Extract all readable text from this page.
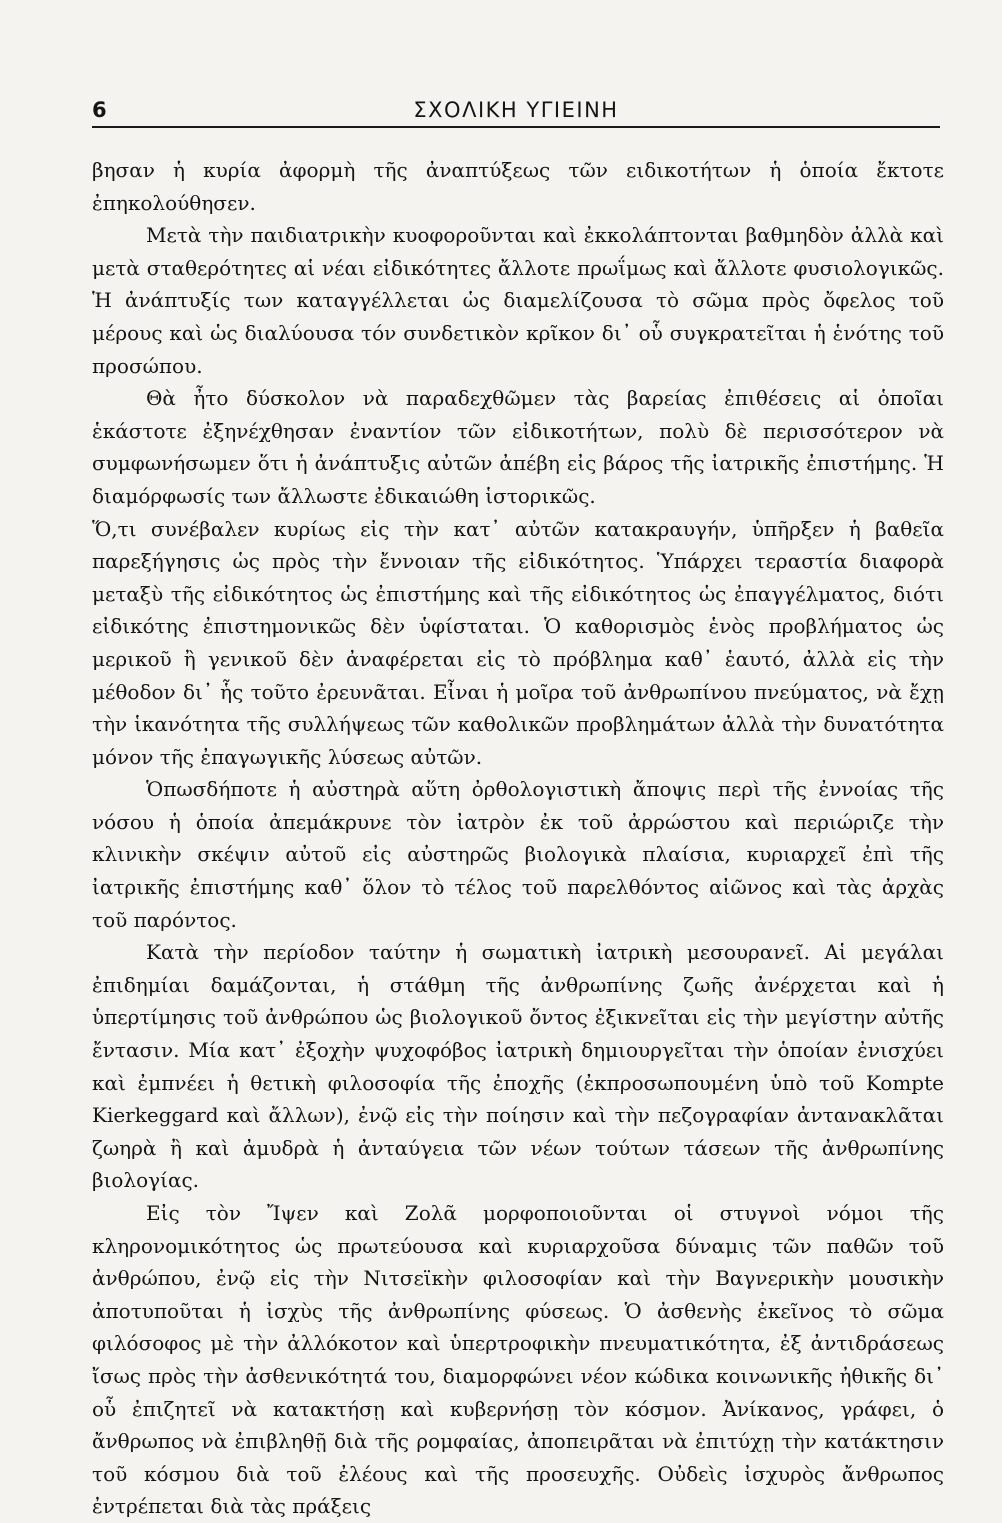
6	ΣΧΟΛΙΚΗ ΥΓΙΕΙΝΗ

βησαν ἡ κυρία ἀφορμὴ τῆς ἀναπτύξεως τῶν ειδικοτήτων ἡ ὁποία ἔκτοτε ἐπηκολούθησεν.

Μετὰ τὴν παιδιατρικὴν κυοφοροῦνται καὶ ἐκκολάπτονται βαθμηδὸν ἀλλὰ καὶ μετὰ σταθερότητες αἱ νέαι εἰδικότητες ἄλλοτε πρωΐμως καὶ ἄλλοτε φυσιολογικῶς. Ἡ ἀνάπτυξίς των καταγγέλλεται ὡς διαμελίζουσα τὸ σῶμα πρὸς ὄφελος τοῦ μέρους καὶ ὡς διαλύουσα τόν συνδετικὸν κρῖκον δι᾽ οὗ συγκρατεῖται ἡ ἑνότης τοῦ προσώπου.

Θὰ ἦτο δύσκολον νὰ παραδεχθῶμεν τὰς βαρείας ἐπιθέσεις αἱ ὁποῖαι ἑκάστοτε ἐξηνέχθησαν ἐναντίον τῶν εἰδικοτήτων, πολὺ δὲ περισσότερον νὰ συμφωνήσωμεν ὅτι ἡ ἀνάπτυξις αὐτῶν ἀπέβη εἰς βάρος τῆς ἰατρικῆς ἐπιστήμης. Ἡ διαμόρφωσίς των ἄλλωστε ἐδικαιώθη ἱστορικῶς.

Ὅ,τι συνέβαλεν κυρίως εἰς τὴν κατ᾽ αὐτῶν κατακραυγήν, ὑπῆρξεν ἡ βαθεῖα παρεξήγησις ὡς πρὸς τὴν ἔννοιαν τῆς εἰδικότητος. Ὑπάρχει τεραστία διαφορὰ μεταξὺ τῆς εἰδικότητος ὡς ἐπιστήμης καὶ τῆς εἰδικότητος ὡς ἐπαγγέλματος, διότι εἰδικότης ἐπιστημονικῶς δὲν ὑφίσταται. Ὁ καθορισμὸς ἑνὸς προβλήματος ὡς μερικοῦ ἢ γενικοῦ δὲν ἀναφέρεται εἰς τὸ πρόβλημα καθ᾽ ἑαυτό, ἀλλὰ εἰς τὴν μέθοδον δι᾽ ἧς τοῦτο ἐρευνᾶται. Εἶναι ἡ μοῖρα τοῦ ἀνθρωπίνου πνεύματος, νὰ ἔχῃ τὴν ἱκανότητα τῆς συλλήψεως τῶν καθολικῶν προβλημάτων ἀλλὰ τὴν δυνατότητα μόνον τῆς ἐπαγωγικῆς λύσεως αὐτῶν.

Ὁπωσδήποτε ἡ αὐστηρὰ αὕτη ὀρθολογιστικὴ ἄποψις περὶ τῆς ἐννοίας τῆς νόσου ἡ ὁποία ἀπεμάκρυνε τὸν ἰατρὸν ἐκ τοῦ ἀρρώστου καὶ περιώριζε τὴν κλινικὴν σκέψιν αὐτοῦ εἰς αὐστηρῶς βιολογικὰ πλαίσια, κυριαρχεῖ ἐπὶ τῆς ἰατρικῆς ἐπιστήμης καθ᾽ ὅλον τὸ τέλος τοῦ παρελθόντος αἰῶνος καὶ τὰς ἀρχὰς τοῦ παρόντος.

Κατὰ τὴν περίοδον ταύτην ἡ σωματικὴ ἰατρικὴ μεσουρανεῖ. Αἱ μεγάλαι ἐπιδημίαι δαμάζονται, ἡ στάθμη τῆς ἀνθρωπίνης ζωῆς ἀνέρχεται καὶ ἡ ὑπερτίμησις τοῦ ἀνθρώπου ὡς βιολογικοῦ ὄντος ἐξικνεῖται εἰς τὴν μεγίστην αὐτῆς ἔντασιν. Μία κατ᾽ ἐξοχὴν ψυχοφόβος ἰατρικὴ δημιουργεῖται τὴν ὁποίαν ἐνισχύει καὶ ἐμπνέει ἡ θετικὴ φιλοσοφία τῆς ἐποχῆς (ἐκπροσωπουμένη ὑπὸ τοῦ Kompte Kierkeggard καὶ ἄλλων), ἐνῷ εἰς τὴν ποίησιν καὶ τὴν πεζογραφίαν ἀντανακλᾶται ζωηρὰ ἢ καὶ ἀμυδρὰ ἡ ἀνταύγεια τῶν νέων τούτων τάσεων τῆς ἀνθρωπίνης βιολογίας.

Εἰς τὸν Ἴψεν καὶ Ζολᾶ μορφοποιοῦνται οἱ στυγνοὶ νόμοι τῆς κληρονομικότητος ὡς πρωτεύουσα καὶ κυριαρχοῦσα δύναμις τῶν παθῶν τοῦ ἀνθρώπου, ἐνῷ εἰς τὴν Νιτσεϊκὴν φιλοσοφίαν καὶ τὴν Βαγνερικὴν μουσικὴν ἀποτυποῦται ἡ ἰσχὺς τῆς ἀνθρωπίνης φύσεως. Ὁ ἀσθενὴς ἐκεῖνος τὸ σῶμα φιλόσοφος μὲ τὴν ἀλλόκοτον καὶ ὑπερτροφικὴν πνευματικότητα, ἐξ ἀντιδράσεως ἴσως πρὸς τὴν ἀσθενικότητά του, διαμορφώνει νέον κώδικα κοινωνικῆς ἠθικῆς δι᾽ οὗ ἐπιζητεῖ νὰ κατακτήσῃ καὶ κυβερνήσῃ τὸν κόσμον. Ἀνίκανος, γράφει, ὁ ἄνθρωπος νὰ ἐπιβληθῇ διὰ τῆς ρομφαίας, ἀποπειρᾶται νὰ ἐπιτύχῃ τὴν κατάκτησιν τοῦ κόσμου διὰ τοῦ ἐλέους καὶ τῆς προσευχῆς. Οὐδεὶς ἰσχυρὸς ἄνθρωπος ἐντρέπεται διὰ τὰς πράξεις
